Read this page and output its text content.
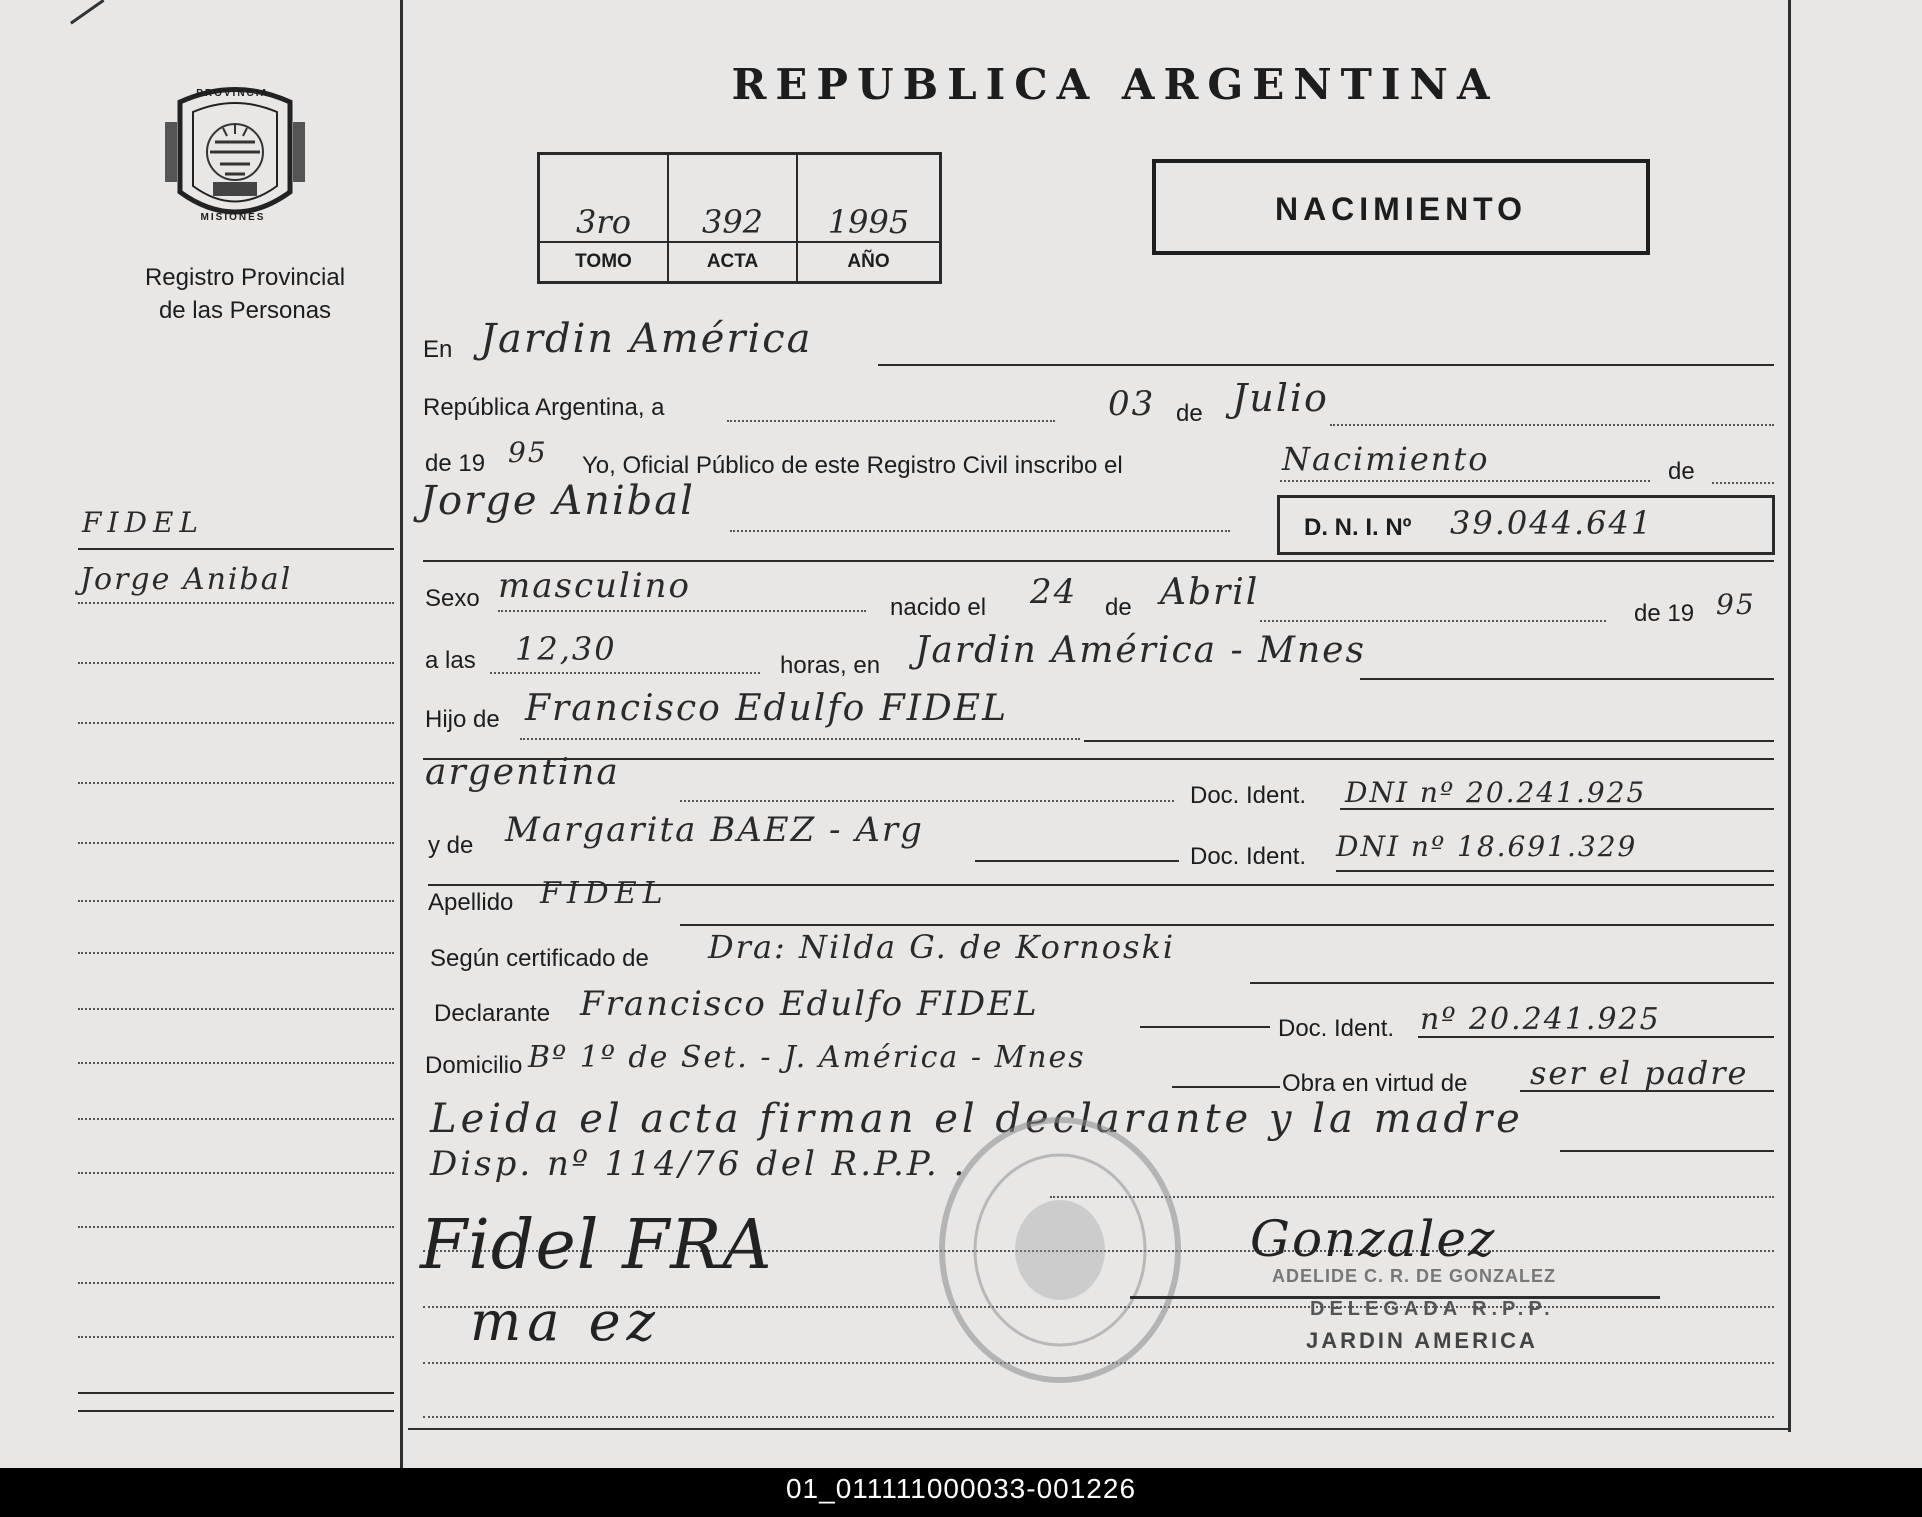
PROVINCIA
MISIONES
Registro Provincial
de las Personas
FIDEL
Jorge Anibal
REPUBLICA ARGENTINA
3ro	392	1995
TOMO	ACTA	AÑO
NACIMIENTO
En Jardin América
República Argentina, a	03 de Julio
de 19 95 Yo, Oficial Público de este Registro Civil inscribo el	Nacimiento	de
Jorge Anibal
D. N. I. Nº 39.044.641
Sexo masculino
nacido el 24 de Abril
de 19 95
a las 12,30	horas, en Jardin América - Mnes
Hijo de Francisco Edulfo FIDEL
argentina
Doc. Ident. DNI nº 20.241.925
y de Margarita BAEZ - Arg
Doc. Ident. DNI nº 18.691.329
Apellido FIDEL
Según certificado de Dra: Nilda G. de Kornoski
Declarante Francisco Edulfo FIDEL
Doc. Ident. nº 20.241.925
Domicilio Bº 1º de Set. - J. América - Mnes
Obra en virtud de ser el padre
Leida el acta firman el declarante y la madre
Disp. nº 114/76 del R.P.P. .
Fidel FRA
ma ez
Gonzalez
ADELIDE C. R. DE GONZALEZ
DELEGADA R.P.P.
JARDIN AMERICA
01_011111000033-001226
